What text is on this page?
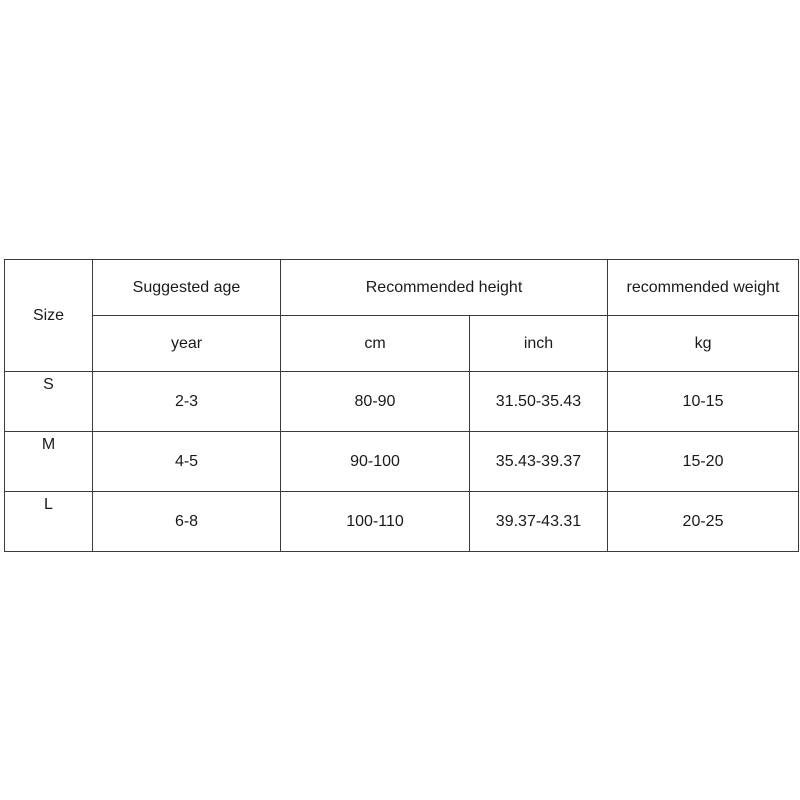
Size	Suggested age	Recommended height		recommended weight
	year	cm	inch	kg
S	2-3	80-90	31.50-35.43	10-15
M	4-5	90-100	35.43-39.37	15-20
L	6-8	100-110	39.37-43.31	20-25
